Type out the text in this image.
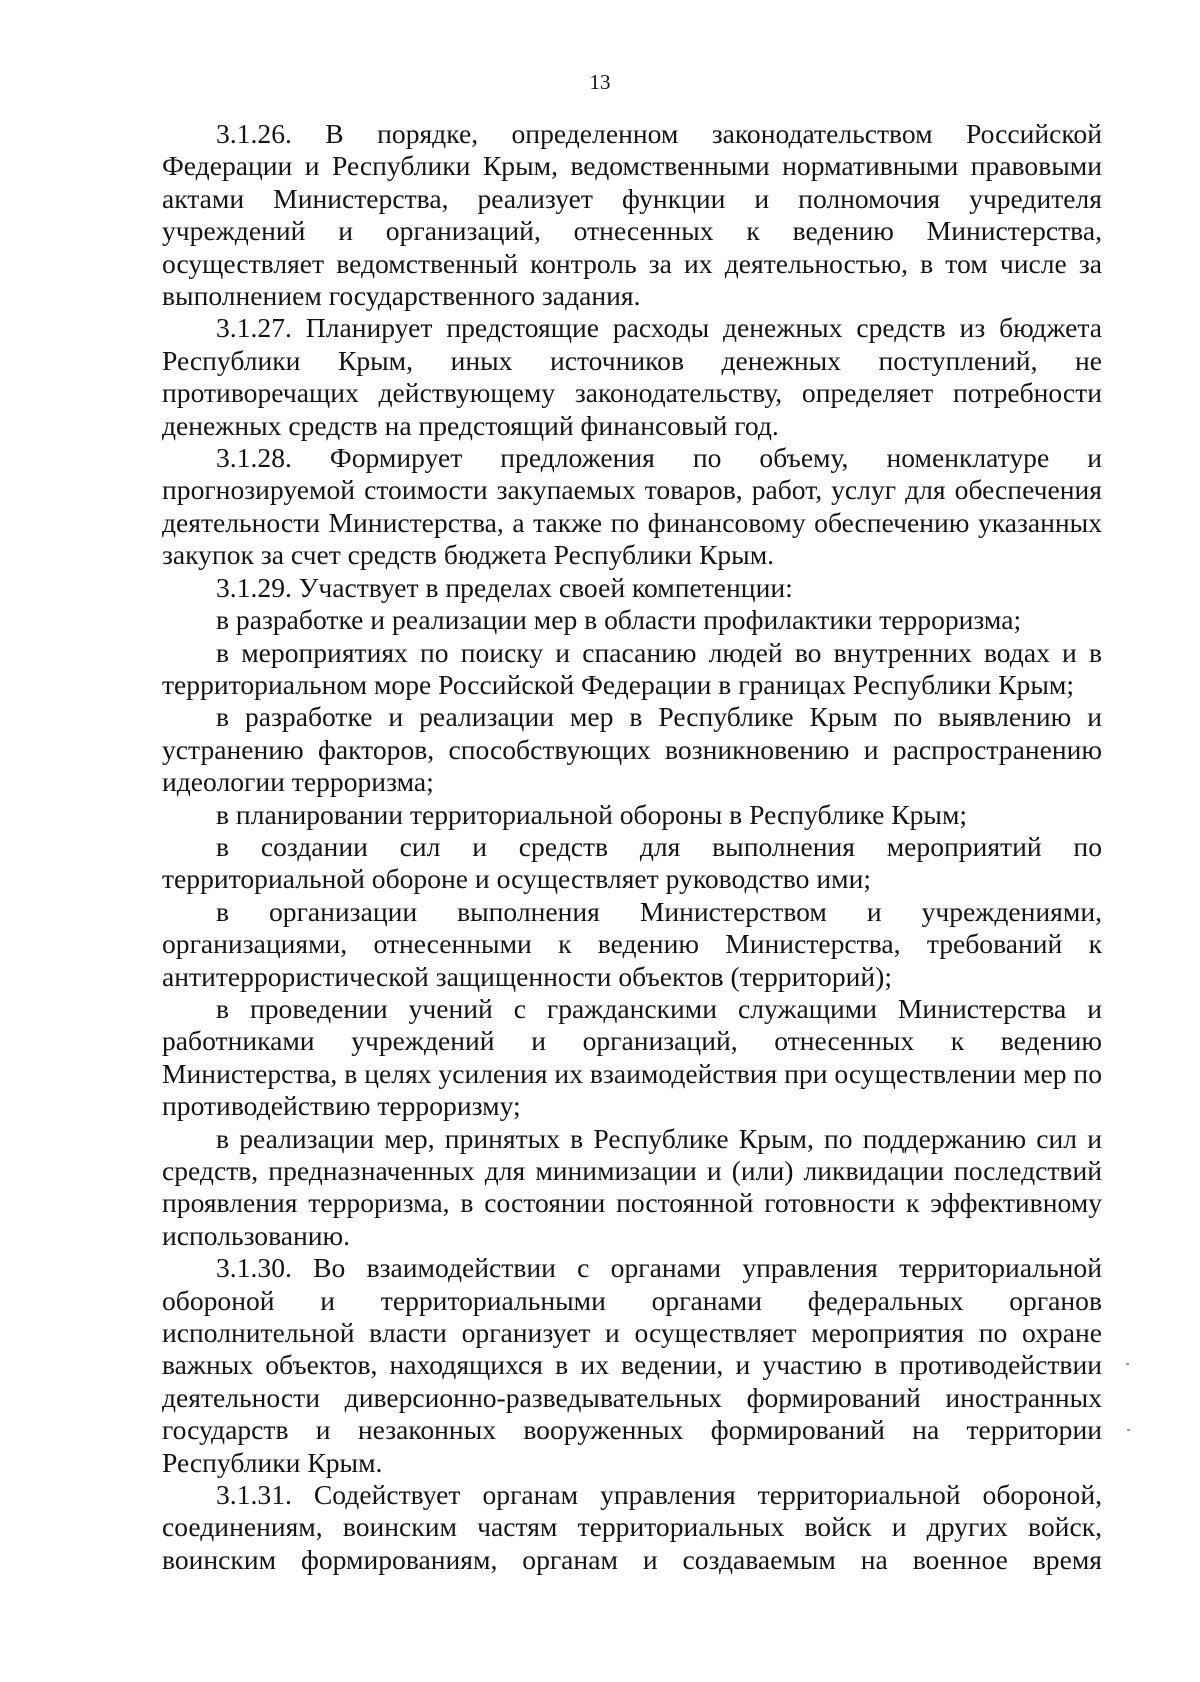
13

3.1.26. В порядке, определенном законодательством Российской Федерации и Республики Крым, ведомственными нормативными правовыми актами Министерства, реализует функции и полномочия учредителя учреждений и организаций, отнесенных к ведению Министерства, осуществляет ведомственный контроль за их деятельностью, в том числе за выполнением государственного задания.

3.1.27. Планирует предстоящие расходы денежных средств из бюджета Республики Крым, иных источников денежных поступлений, не противоречащих действующему законодательству, определяет потребности денежных средств на предстоящий финансовый год.

3.1.28. Формирует предложения по объему, номенклатуре и прогнозируемой стоимости закупаемых товаров, работ, услуг для обеспечения деятельности Министерства, а также по финансовому обеспечению указанных закупок за счет средств бюджета Республики Крым.

3.1.29. Участвует в пределах своей компетенции:

в разработке и реализации мер в области профилактики терроризма;

в мероприятиях по поиску и спасанию людей во внутренних водах и в территориальном море Российской Федерации в границах Республики Крым;

в разработке и реализации мер в Республике Крым по выявлению и устранению факторов, способствующих возникновению и распространению идеологии терроризма;

в планировании территориальной обороны в Республике Крым;

в создании сил и средств для выполнения мероприятий по территориальной обороне и осуществляет руководство ими;

в организации выполнения Министерством и учреждениями, организациями, отнесенными к ведению Министерства, требований к антитеррористической защищенности объектов (территорий);

в проведении учений с гражданскими служащими Министерства и работниками учреждений и организаций, отнесенных к ведению Министерства, в целях усиления их взаимодействия при осуществлении мер по противодействию терроризму;

в реализации мер, принятых в Республике Крым, по поддержанию сил и средств, предназначенных для минимизации и (или) ликвидации последствий проявления терроризма, в состоянии постоянной готовности к эффективному использованию.

3.1.30. Во взаимодействии с органами управления территориальной обороной и территориальными органами федеральных органов исполнительной власти организует и осуществляет мероприятия по охране важных объектов, находящихся в их ведении, и участию в противодействии деятельности диверсионно-разведывательных формирований иностранных государств и незаконных вооруженных формирований на территории Республики Крым.

3.1.31. Содействует органам управления территориальной обороной, соединениям, воинским частям территориальных войск и других войск, воинским формированиям, органам и создаваемым на военное время
